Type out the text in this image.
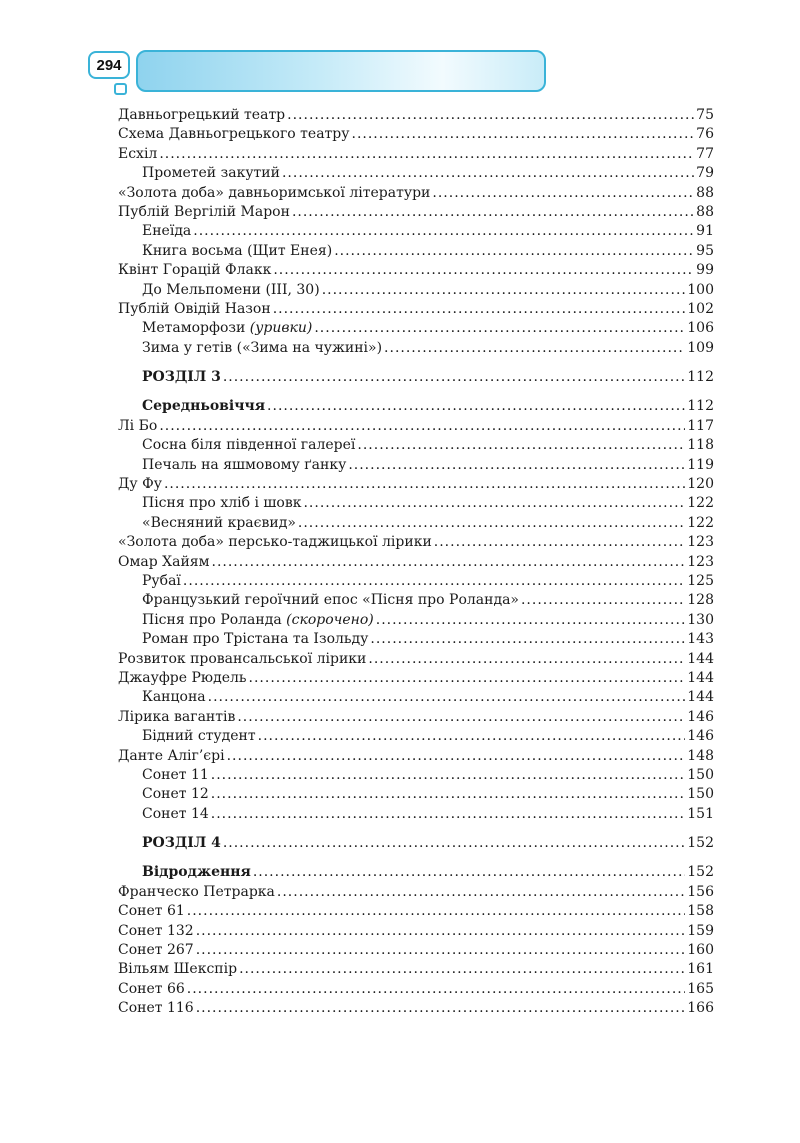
294
Давньогрецький театр .....	75
Схема Давньогрецького театру .....	76
Есхіл .....	77
Прометей закутий .....	79
«Золота доба» давньоримської літератури .....	88
Публій Вергілій Марон .....	88
Енеїда .....	91
Книга восьма (Щит Енея) .....	95
Квінт Горацій Флакк .....	99
До Мельпомени (ІІІ, 30) .....	100
Публій Овідій Назон .....	102
Метаморфози (уривки) .....	106
Зима у гетів («Зима на чужині») .....	109
РОЗДІЛ 3 .....	112
Середньовіччя .....	112
Лі Бо .....	117
Сосна біля південної галереї .....	118
Печаль на яшмовому ґанку .....	119
Ду Фу .....	120
Пісня про хліб і шовк .....	122
«Весняний краєвид» .....	122
«Золота доба» персько-таджицької лірики .....	123
Омар Хайям .....	123
Рубаї .....	125
Французький героїчний епос «Пісня про Роланда» .....	128
Пісня про Роланда (скорочено) .....	130
Роман про Трістана та Ізольду .....	143
Розвиток провансальської лірики .....	144
Джауфре Рюдель .....	144
Канцона .....	144
Лірика вагантів .....	146
Бідний студент .....	146
Данте Аліг’єрі .....	148
Сонет 11 .....	150
Сонет 12 .....	150
Сонет 14 .....	151
РОЗДІЛ 4 .....	152
Відродження .....	152
Франческо Петрарка .....	156
Сонет 61 .....	158
Сонет 132 .....	159
Сонет 267 .....	160
Вільям Шекспір .....	161
Сонет 66 .....	165
Сонет 116 .....	166
